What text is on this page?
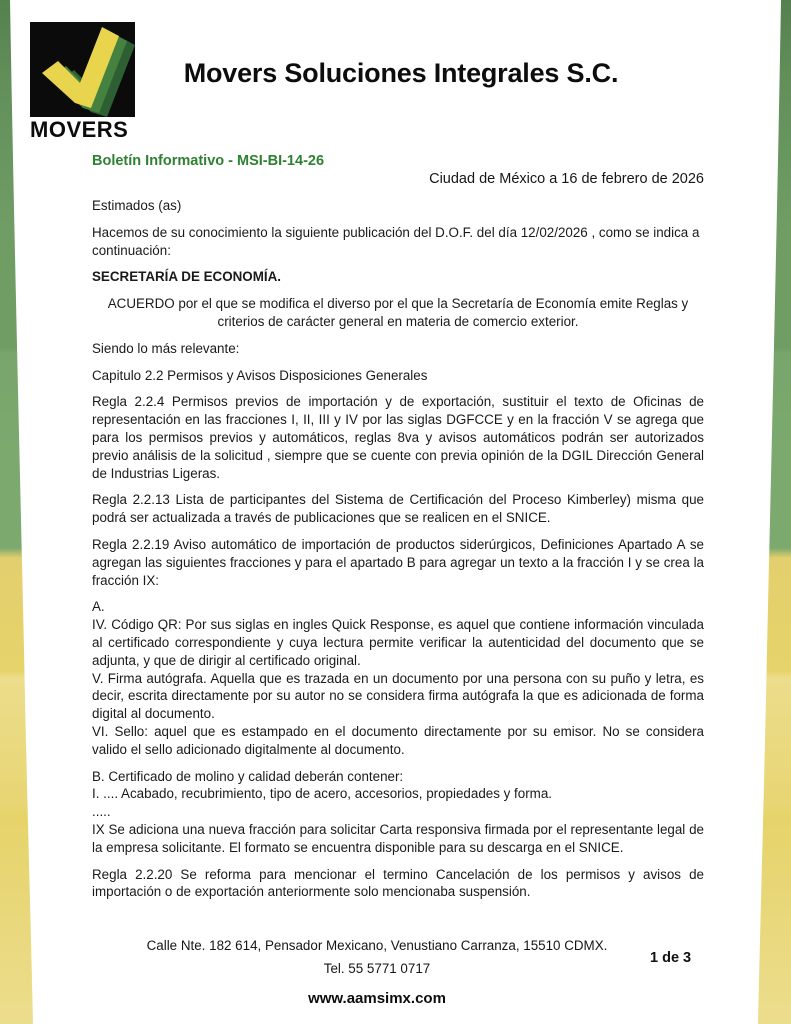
MOVERS
Movers Soluciones Integrales S.C.
Boletín Informativo - MSI-BI-14-26
Ciudad de México a 16 de febrero de 2026

Estimados (as)

Hacemos de su conocimiento la siguiente publicación del D.O.F. del día 12/02/2026 , como se indica a continuación:

SECRETARÍA DE ECONOMÍA.

ACUERDO por el que se modifica el diverso por el que la Secretaría de Economía emite Reglas y criterios de carácter general en materia de comercio exterior.

Siendo lo más relevante:

Capitulo 2.2 Permisos y Avisos Disposiciones Generales

Regla 2.2.4 Permisos previos de importación y de exportación, sustituir el texto de Oficinas de representación en las fracciones I, II, III y IV por las siglas DGFCCE y en la fracción V se agrega que para los permisos previos y automáticos, reglas 8va y avisos automáticos podrán ser autorizados previo análisis de la solicitud , siempre que se cuente con previa opinión de la DGIL Dirección General de Industrias Ligeras.

Regla 2.2.13 Lista de participantes del Sistema de Certificación del Proceso Kimberley) misma que podrá ser actualizada a través de publicaciones que se realicen en el SNICE.

Regla 2.2.19 Aviso automático de importación de productos siderúrgicos, Definiciones Apartado A se agregan las siguientes fracciones y para el apartado B para agregar un texto a la fracción I y se crea la fracción IX:

A.

IV. Código QR: Por sus siglas en ingles Quick Response, es aquel que contiene información vinculada al certificado correspondiente y cuya lectura permite verificar la autenticidad del documento que se adjunta, y que de dirigir al certificado original.

V. Firma autógrafa. Aquella que es trazada en un documento por una persona con su puño y letra, es decir, escrita directamente por su autor no se considera firma autógrafa la que es adicionada de forma digital al documento.

VI. Sello: aquel que es estampado en el documento directamente por su emisor. No se considera valido el sello adicionado digitalmente al documento.

B. Certificado de molino y calidad deberán contener:

I. .... Acabado, recubrimiento, tipo de acero, accesorios, propiedades y forma.

.....

IX Se adiciona una nueva fracción para solicitar Carta responsiva firmada por el representante legal de la empresa solicitante. El formato se encuentra disponible para su descarga en el SNICE.

Regla 2.2.20 Se reforma para mencionar el termino Cancelación de los permisos y avisos de importación o de exportación anteriormente solo mencionaba suspensión.

Calle Nte. 182 614, Pensador Mexicano, Venustiano Carranza, 15510 CDMX.
Tel. 55 5771 0717
www.aamsimx.com
1 de 3
